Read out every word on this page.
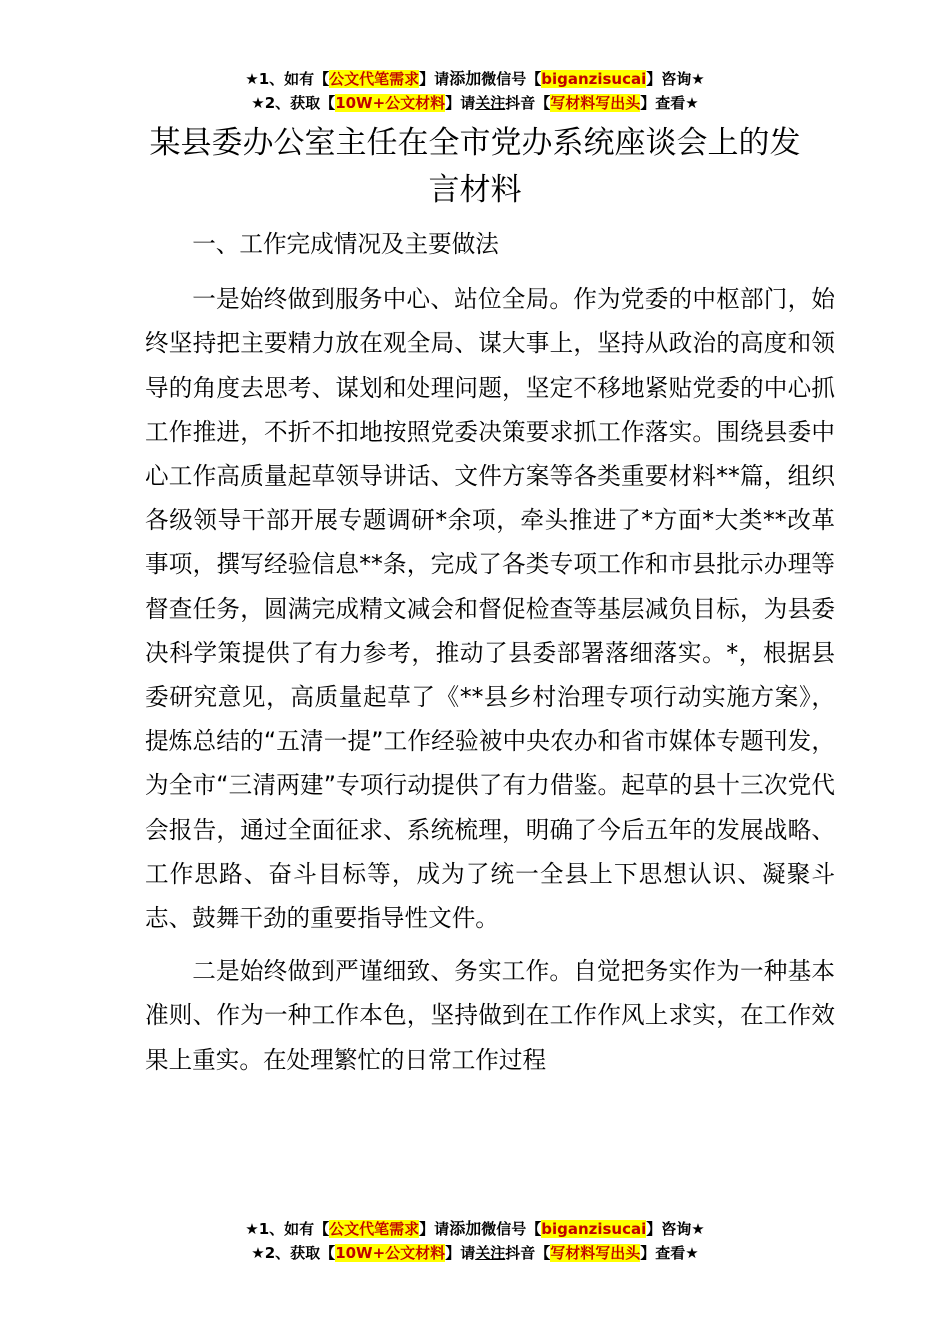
★1、如有【公文代笔需求】请添加微信号【biganzisucai】咨询★
★2、获取【10W+公文材料】请关注抖音【写材料写出头】查看★
某县委办公室主任在全市党办系统座谈会上的发言材料

一、工作完成情况及主要做法

一是始终做到服务中心、站位全局。作为党委的中枢部门，始终坚持把主要精力放在观全局、谋大事上，坚持从政治的高度和领导的角度去思考、谋划和处理问题，坚定不移地紧贴党委的中心抓工作推进，不折不扣地按照党委决策要求抓工作落实。围绕县委中心工作高质量起草领导讲话、文件方案等各类重要材料**篇，组织各级领导干部开展专题调研*余项，牵头推进了*方面*大类**改革事项，撰写经验信息**条，完成了各类专项工作和市县批示办理等督查任务，圆满完成精文减会和督促检查等基层减负目标，为县委决科学策提供了有力参考，推动了县委部署落细落实。*，根据县委研究意见，高质量起草了《**县乡村治理专项行动实施方案》，提炼总结的“五清一提”工作经验被中央农办和省市媒体专题刊发，为全市“三清两建”专项行动提供了有力借鉴。起草的县十三次党代会报告，通过全面征求、系统梳理，明确了今后五年的发展战略、工作思路、奋斗目标等，成为了统一全县上下思想认识、凝聚斗志、鼓舞干劲的重要指导性文件。

二是始终做到严谨细致、务实工作。自觉把务实作为一种基本准则、作为一种工作本色，坚持做到在工作作风上求实，在工作效果上重实。在处理繁忙的日常工作过程

★1、如有【公文代笔需求】请添加微信号【biganzisucai】咨询★
★2、获取【10W+公文材料】请关注抖音【写材料写出头】查看★
